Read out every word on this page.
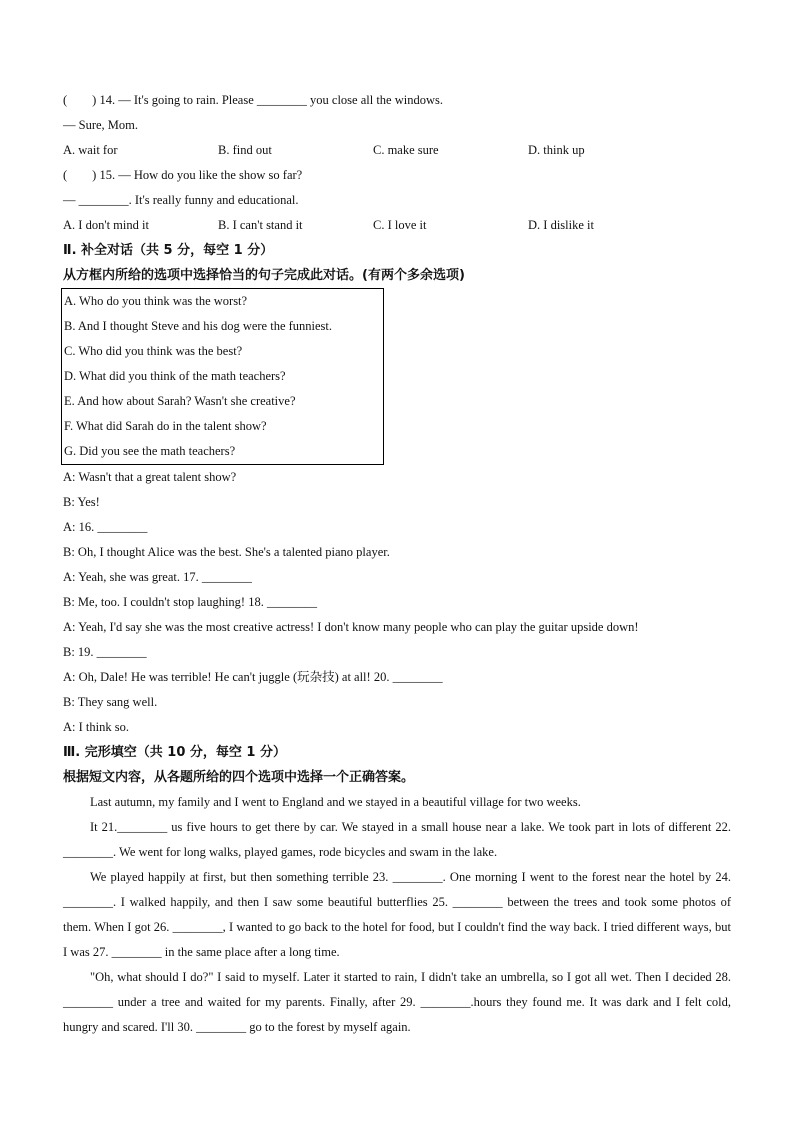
(　　) 14. — It's going to rain. Please ________ you close all the windows.
— Sure, Mom.
A. wait for	B. find out	C. make sure	D. think up
(　　) 15. — How do you like the show so far?
— ________. It's really funny and educational.
A. I don't mind it	B. I can't stand it	C. I love it	D. I dislike it
Ⅱ. 补全对话（共 5 分，每空 1 分）
从方框内所给的选项中选择恰当的句子完成此对话。(有两个多余选项)
A. Who do you think was the worst?
B. And I thought Steve and his dog were the funniest.
C. Who did you think was the best?
D. What did you think of the math teachers?
E. And how about Sarah? Wasn't she creative?
F. What did Sarah do in the talent show?
G. Did you see the math teachers?
A: Wasn't that a great talent show?
B: Yes!
A: 16. ________
B: Oh, I thought Alice was the best. She's a talented piano player.
A: Yeah, she was great. 17. ________
B: Me, too. I couldn't stop laughing! 18. ________
A: Yeah, I'd say she was the most creative actress! I don't know many people who can play the guitar upside down!
B: 19. ________
A: Oh, Dale! He was terrible! He can't juggle (玩杂技) at all! 20. ________
B: They sang well.
A: I think so.
Ⅲ. 完形填空（共 10 分，每空 1 分）
根据短文内容，从各题所给的四个选项中选择一个正确答案。

Last autumn, my family and I went to England and we stayed in a beautiful village for two weeks.

It 21.________ us five hours to get there by car. We stayed in a small house near a lake. We took part in lots of different 22. ________. We went for long walks, played games, rode bicycles and swam in the lake.

We played happily at first, but then something terrible 23. ________. One morning I went to the forest near the hotel by 24. ________. I walked happily, and then I saw some beautiful butterflies 25. ________ between the trees and took some photos of them. When I got 26. ________, I wanted to go back to the hotel for food, but I couldn't find the way back. I tried different ways, but I was 27. ________ in the same place after a long time.

"Oh, what should I do?" I said to myself. Later it started to rain, I didn't take an umbrella, so I got all wet. Then I decided 28. ________ under a tree and waited for my parents. Finally, after 29. ________.hours they found me. It was dark and I felt cold, hungry and scared. I'll 30. ________ go to the forest by myself again.
